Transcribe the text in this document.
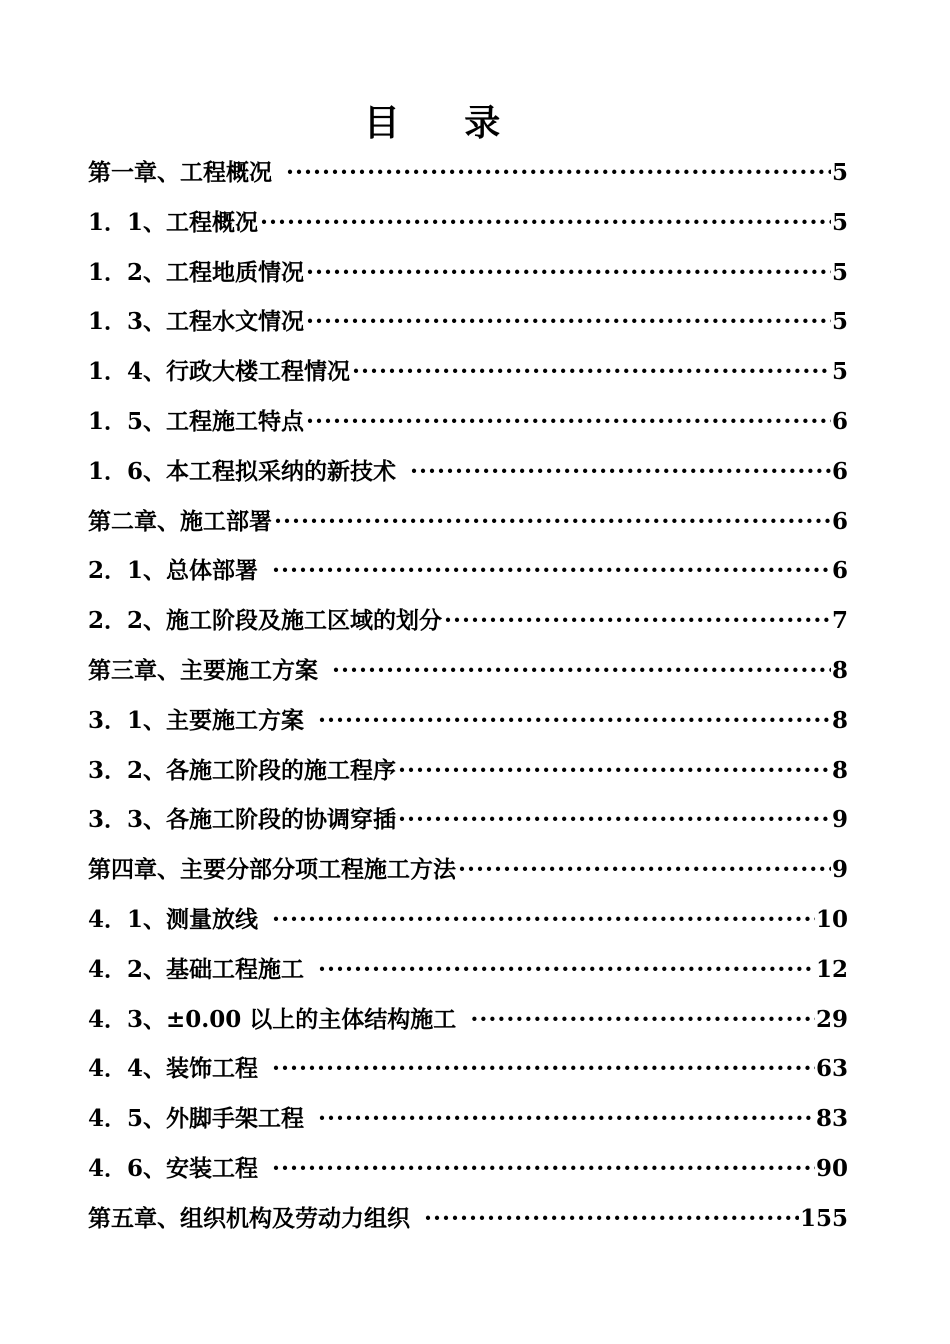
目 录
第一章、工程概况 ·····	5
1．1、工程概况 ·····	5
1．2、工程地质情况 ·····	5
1．3、工程水文情况 ·····	5
1．4、行政大楼工程情况 ·····	5
1．5、工程施工特点 ·····	6
1．6、本工程拟采纳的新技术 ·····	6
第二章、施工部署 ·····	6
2．1、总体部署 ·····	6
2．2、施工阶段及施工区域的划分 ·····	7
第三章、主要施工方案 ·····	8
3．1、主要施工方案 ·····	8
3．2、各施工阶段的施工程序 ·····	8
3．3、各施工阶段的协调穿插 ·····	9
第四章、主要分部分项工程施工方法 ·····	9
4．1、测量放线 ·····	10
4．2、基础工程施工 ·····	12
4．3、±0.00 以上的主体结构施工 ·····	29
4．4、装饰工程 ·····	63
4．5、外脚手架工程 ·····	83
4．6、安装工程 ·····	90
第五章、组织机构及劳动力组织 ·····	155
